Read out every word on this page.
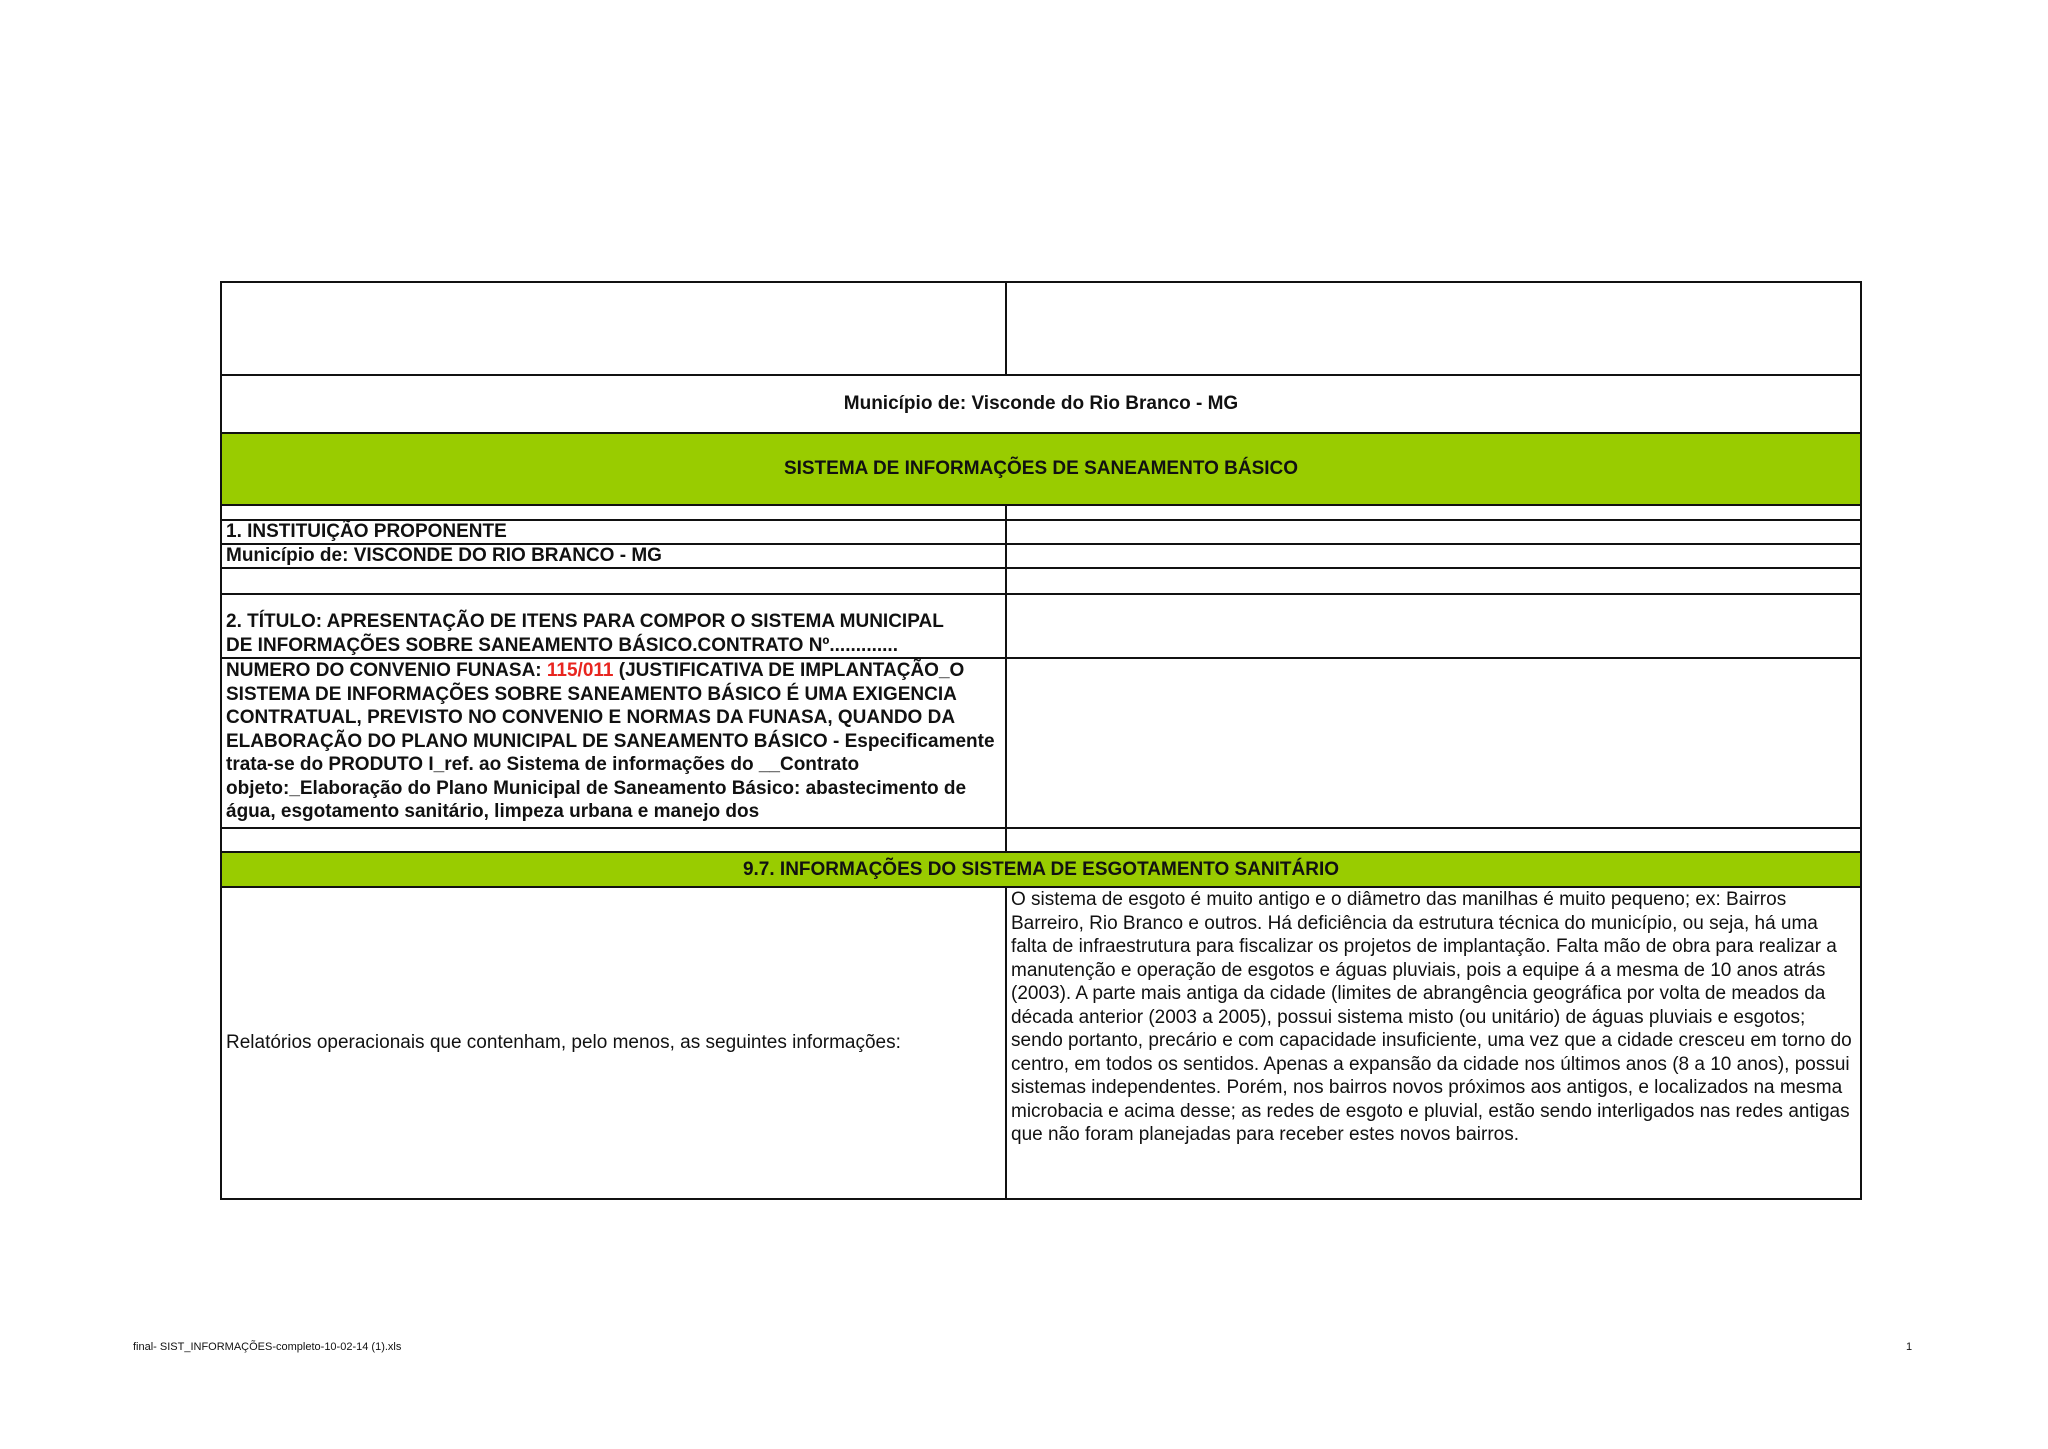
Município de: Visconde do Rio Branco - MG	
SISTEMA DE INFORMAÇÕES DE SANEAMENTO BÁSICO	

1. INSTITUIÇÃO PROPONENTE	
Município de: VISCONDE DO RIO BRANCO - MG	

2. TÍTULO: APRESENTAÇÃO DE ITENS PARA COMPOR O SISTEMA MUNICIPAL
DE INFORMAÇÕES SOBRE SANEAMENTO BÁSICO.CONTRATO Nº.............	

NUMERO DO CONVENIO FUNASA: 115/011 (JUSTIFICATIVA DE IMPLANTAÇÃO_O SISTEMA DE INFORMAÇÕES SOBRE SANEAMENTO BÁSICO É UMA EXIGENCIA CONTRATUAL, PREVISTO NO CONVENIO E NORMAS DA FUNASA, QUANDO DA ELABORAÇÃO DO PLANO MUNICIPAL DE SANEAMENTO BÁSICO - Especificamente trata-se do PRODUTO I_ref. ao Sistema de informações do __Contrato objeto:_Elaboração do Plano Municipal de Saneamento Básico: abastecimento de água, esgotamento sanitário, limpeza urbana e manejo dos	

9.7. INFORMAÇÕES DO SISTEMA DE ESGOTAMENTO SANITÁRIO	
Relatórios operacionais que contenham, pelo menos, as seguintes informações:	O sistema de esgoto é muito antigo e o diâmetro das manilhas é muito pequeno; ex: Bairros Barreiro, Rio Branco e outros. Há deficiência da estrutura técnica do município, ou seja, há uma falta de infraestrutura para fiscalizar os projetos de implantação. Falta mão de obra para realizar a manutenção e operação de esgotos e águas pluviais, pois a equipe á a mesma de 10 anos atrás (2003). A parte mais antiga da cidade (limites de abrangência geográfica por volta de meados da década anterior (2003 a 2005), possui sistema misto (ou unitário) de águas pluviais e esgotos; sendo portanto, precário e com capacidade insuficiente, uma vez que a cidade cresceu em torno do centro, em todos os sentidos. Apenas a expansão da cidade nos últimos anos (8 a 10 anos), possui sistemas independentes. Porém, nos bairros novos próximos aos antigos, e localizados na mesma microbacia e acima desse; as redes de esgoto e pluvial, estão sendo interligados nas redes antigas que não foram planejadas para receber estes novos bairros.
final- SIST_INFORMAÇÕES-completo-10-02-14 (1).xls	1
